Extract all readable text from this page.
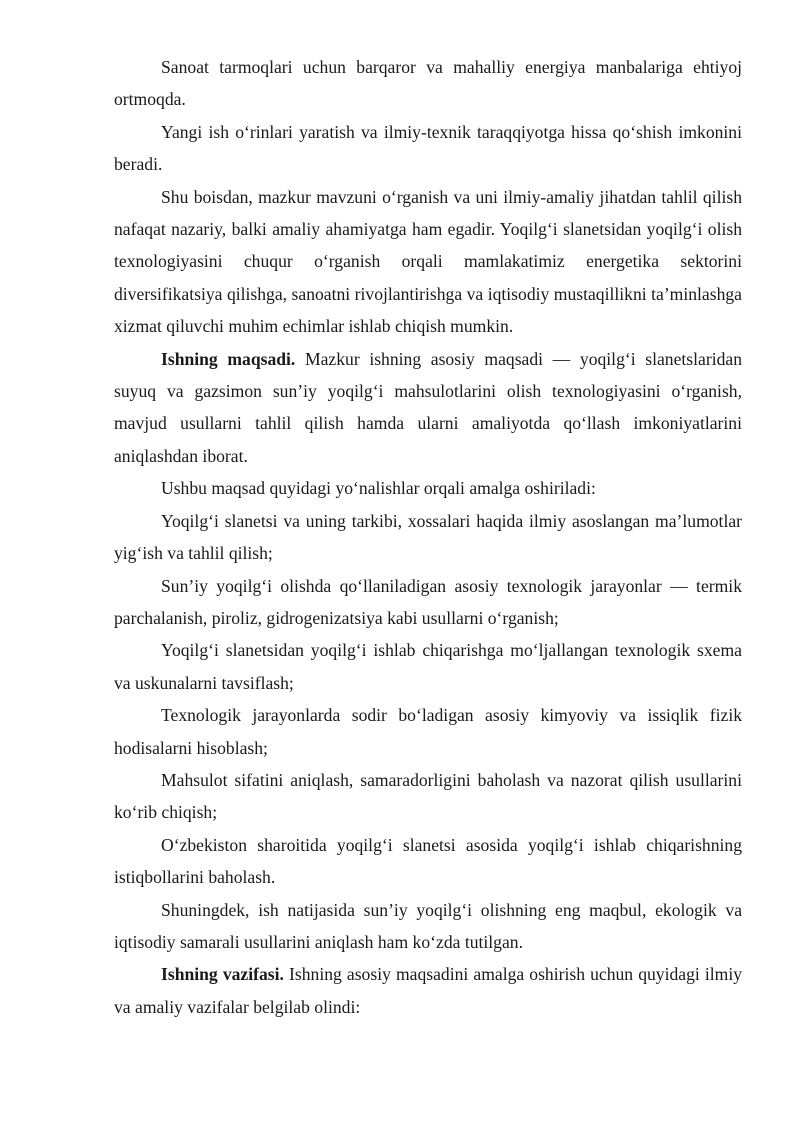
Sanoat tarmoqlari uchun barqaror va mahalliy energiya manbalariga ehtiyoj ortmoqda.

Yangi ish oʻrinlari yaratish va ilmiy-texnik taraqqiyotga hissa qoʻshish imkonini beradi.

Shu boisdan, mazkur mavzuni oʻrganish va uni ilmiy-amaliy jihatdan tahlil qilish nafaqat nazariy, balki amaliy ahamiyatga ham egadir. Yoqilgʻi slanetsidan yoqilgʻi olish texnologiyasini chuqur oʻrganish orqali mamlakatimiz energetika sektorini diversifikatsiya qilishga, sanoatni rivojlantirishga va iqtisodiy mustaqillikni taʼminlashga xizmat qiluvchi muhim echimlar ishlab chiqish mumkin.

Ishning maqsadi. Mazkur ishning asosiy maqsadi — yoqilgʻi slanetslaridan suyuq va gazsimon sunʼiy yoqilgʻi mahsulotlarini olish texnologiyasini oʻrganish, mavjud usullarni tahlil qilish hamda ularni amaliyotda qoʻllash imkoniyatlarini aniqlashdan iborat.

Ushbu maqsad quyidagi yoʻnalishlar orqali amalga oshiriladi:

Yoqilgʻi slanetsi va uning tarkibi, xossalari haqida ilmiy asoslangan maʼlumotlar yigʻish va tahlil qilish;

Sunʼiy yoqilgʻi olishda qoʻllaniladigan asosiy texnologik jarayonlar — termik parchalanish, piroliz, gidrogenizatsiya kabi usullarni oʻrganish;

Yoqilgʻi slanetsidan yoqilgʻi ishlab chiqarishga moʻljallangan texnologik sxema va uskunalarni tavsiflash;

Texnologik jarayonlarda sodir boʻladigan asosiy kimyoviy va issiqlik fizik hodisalarni hisoblash;

Mahsulot sifatini aniqlash, samaradorligini baholash va nazorat qilish usullarini koʻrib chiqish;

Oʻzbekiston sharoitida yoqilgʻi slanetsi asosida yoqilgʻi ishlab chiqarishning istiqbollarini baholash.

Shuningdek, ish natijasida sunʼiy yoqilgʻi olishning eng maqbul, ekologik va iqtisodiy samarali usullarini aniqlash ham koʻzda tutilgan.

Ishning vazifasi. Ishning asosiy maqsadini amalga oshirish uchun quyidagi ilmiy va amaliy vazifalar belgilab olindi:
